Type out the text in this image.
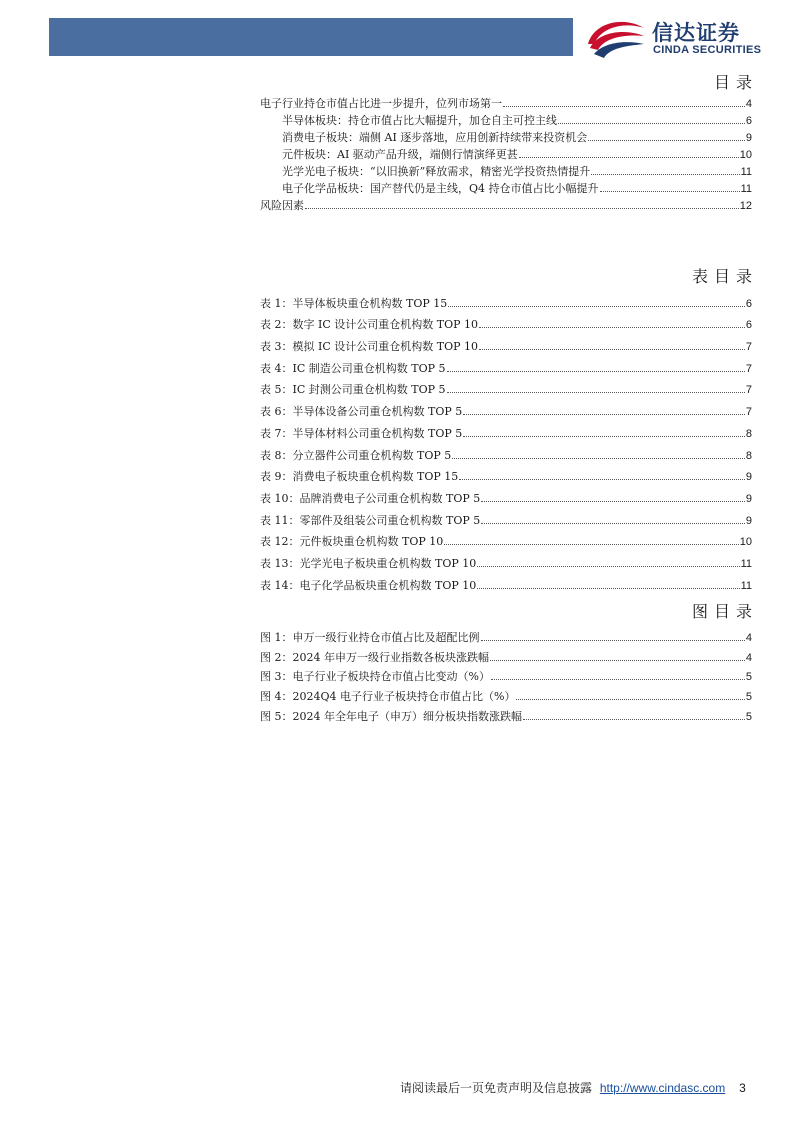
信达证券
CINDA SECURITIES
目录
电子行业持仓市值占比进一步提升，位列市场第一	4
半导体板块：持仓市值占比大幅提升，加仓自主可控主线	6
消费电子板块：端侧 AI 逐步落地，应用创新持续带来投资机会	9
元件板块：AI 驱动产品升级，端侧行情演绎更甚	10
光学光电子板块：“以旧换新”释放需求，精密光学投资热情提升	11
电子化学品板块：国产替代仍是主线，Q4 持仓市值占比小幅提升	11
风险因素	12
表目录
表 1：半导体板块重仓机构数 TOP 15	6
表 2：数字 IC 设计公司重仓机构数 TOP 10	6
表 3：模拟 IC 设计公司重仓机构数 TOP 10	7
表 4：IC 制造公司重仓机构数 TOP 5	7
表 5：IC 封测公司重仓机构数 TOP 5	7
表 6：半导体设备公司重仓机构数 TOP 5	7
表 7：半导体材料公司重仓机构数 TOP 5	8
表 8：分立器件公司重仓机构数 TOP 5	8
表 9：消费电子板块重仓机构数 TOP 15	9
表 10：品牌消费电子公司重仓机构数 TOP 5	9
表 11：零部件及组装公司重仓机构数 TOP 5	9
表 12：元件板块重仓机构数 TOP 10	10
表 13：光学光电子板块重仓机构数 TOP 10	11
表 14：电子化学品板块重仓机构数 TOP 10	11
图目录
图 1：申万一级行业持仓市值占比及超配比例	4
图 2：2024 年申万一级行业指数各板块涨跌幅	4
图 3：电子行业子板块持仓市值占比变动（%）	5
图 4：2024Q4 电子行业子板块持仓市值占比（%）	5
图 5：2024 年全年电子（申万）细分板块指数涨跌幅	5
请阅读最后一页免责声明及信息披露 http://www.cindasc.com 3
